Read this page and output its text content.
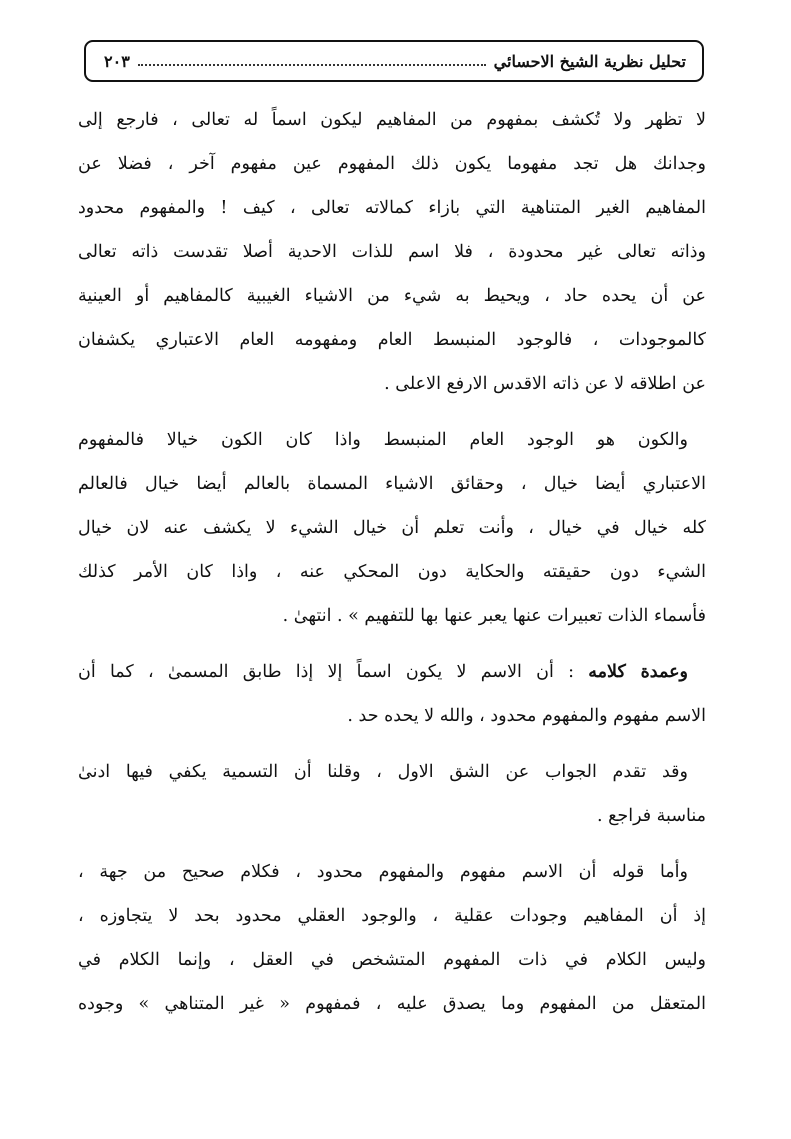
تحليل نظرية الشيخ الاحسائي
٢٠٣
لا تظهر ولا تُكشف بمفهوم من المفاهيم ليكون اسماً له تعالى ، فارجع إلى
وجدانك هل تجد مفهوما يكون ذلك المفهوم عين مفهوم آخر ، فضلا عن
المفاهيم الغير المتناهية التي بازاء كمالاته تعالى ، كيف ! والمفهوم محدود
وذاته تعالى غير محدودة ، فلا اسم للذات الاحدية أصلا تقدست ذاته تعالى
عن أن يحده حاد ، ويحيط به شيء من الاشياء الغيبية كالمفاهيم أو العينية
كالموجودات ، فالوجود المنبسط العام ومفهومه العام الاعتباري يكشفان
عن اطلاقه لا عن ذاته الاقدس الارفع الاعلى .
والكون هو الوجود العام المنبسط واذا كان الكون خيالا فالمفهوم
الاعتباري أيضا خيال ، وحقائق الاشياء المسماة بالعالم أيضا خيال فالعالم
كله خيال في خيال ، وأنت تعلم أن خيال الشيء لا يكشف عنه لان خيال
الشيء دون حقيقته والحكاية دون المحكي عنه ، واذا كان الأمر كذلك
فأسماء الذات تعبيرات عنها يعبر عنها بها للتفهيم » . انتهىٰ .
وعمدة كلامه : أن الاسم لا يكون اسماً إلا إذا طابق المسمىٰ ، كما أن
الاسم مفهوم والمفهوم محدود ، والله لا يحده حد .
وقد تقدم الجواب عن الشق الاول ، وقلنا أن التسمية يكفي فيها ادنىٰ
مناسبة فراجع .
وأما قوله أن الاسم مفهوم والمفهوم محدود ، فكلام صحيح من جهة ،
إذ أن المفاهيم وجودات عقلية ، والوجود العقلي محدود بحد لا يتجاوزه ،
وليس الكلام في ذات المفهوم المتشخص في العقل ، وإنما الكلام في
المتعقل من المفهوم وما يصدق عليه ، فمفهوم « غير المتناهي » وجوده
